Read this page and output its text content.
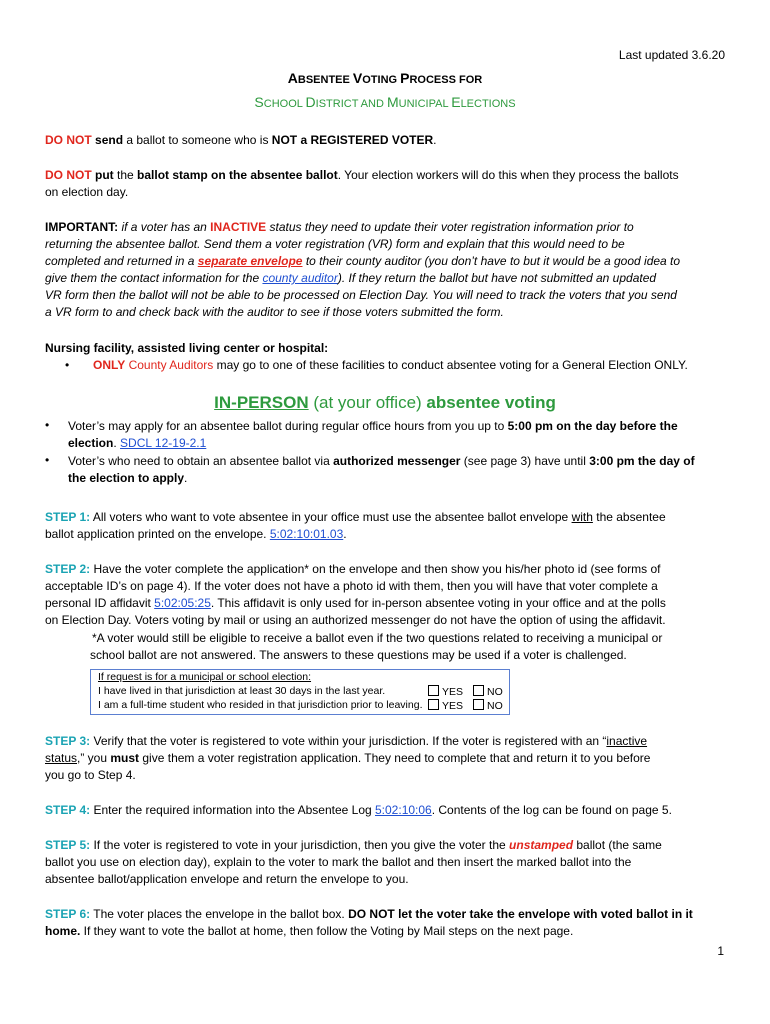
Last updated 3.6.20
ABSENTEE VOTING PROCESS FOR
SCHOOL DISTRICT AND MUNICIPAL ELECTIONS
DO NOT send a ballot to someone who is NOT a REGISTERED VOTER.
DO NOT put the ballot stamp on the absentee ballot. Your election workers will do this when they process the ballots
on election day.
IMPORTANT: if a voter has an INACTIVE status they need to update their voter registration information prior to
returning the absentee ballot. Send them a voter registration (VR) form and explain that this would need to be
completed and returned in a separate envelope to their county auditor (you don’t have to but it would be a good idea to
give them the contact information for the county auditor). If they return the ballot but have not submitted an updated
VR form then the ballot will not be able to be processed on Election Day. You will need to track the voters that you send
a VR form to and check back with the auditor to see if those voters submitted the form.
Nursing facility, assisted living center or hospital:
• ONLY County Auditors may go to one of these facilities to conduct absentee voting for a General Election ONLY.
IN-PERSON (at your office) absentee voting
• Voter’s may apply for an absentee ballot during regular office hours from you up to 5:00 pm on the day before the
election. SDCL 12-19-2.1
• Voter’s who need to obtain an absentee ballot via authorized messenger (see page 3) have until 3:00 pm the day of
the election to apply.
STEP 1: All voters who want to vote absentee in your office must use the absentee ballot envelope with the absentee
ballot application printed on the envelope. 5:02:10:01.03.
STEP 2: Have the voter complete the application* on the envelope and then show you his/her photo id (see forms of
acceptable ID’s on page 4). If the voter does not have a photo id with them, then you will have that voter complete a
personal ID affidavit 5:02:05:25. This affidavit is only used for in-person absentee voting in your office and at the polls
on Election Day. Voters voting by mail or using an authorized messenger do not have the option of using the affidavit.
*A voter would still be eligible to receive a ballot even if the two questions related to receiving a municipal or
school ballot are not answered. The answers to these questions may be used if a voter is challenged.
If request is for a municipal or school election:
I have lived in that jurisdiction at least 30 days in the last year.	YES	NO
I am a full-time student who resided in that jurisdiction prior to leaving.	YES	NO
STEP 3: Verify that the voter is registered to vote within your jurisdiction. If the voter is registered with an “inactive
status,” you must give them a voter registration application. They need to complete that and return it to you before
you go to Step 4.
STEP 4: Enter the required information into the Absentee Log 5:02:10:06. Contents of the log can be found on page 5.
STEP 5: If the voter is registered to vote in your jurisdiction, then you give the voter the unstamped ballot (the same
ballot you use on election day), explain to the voter to mark the ballot and then insert the marked ballot into the
absentee ballot/application envelope and return the envelope to you.
STEP 6: The voter places the envelope in the ballot box. DO NOT let the voter take the envelope with voted ballot in it
home. If they want to vote the ballot at home, then follow the Voting by Mail steps on the next page.
1
